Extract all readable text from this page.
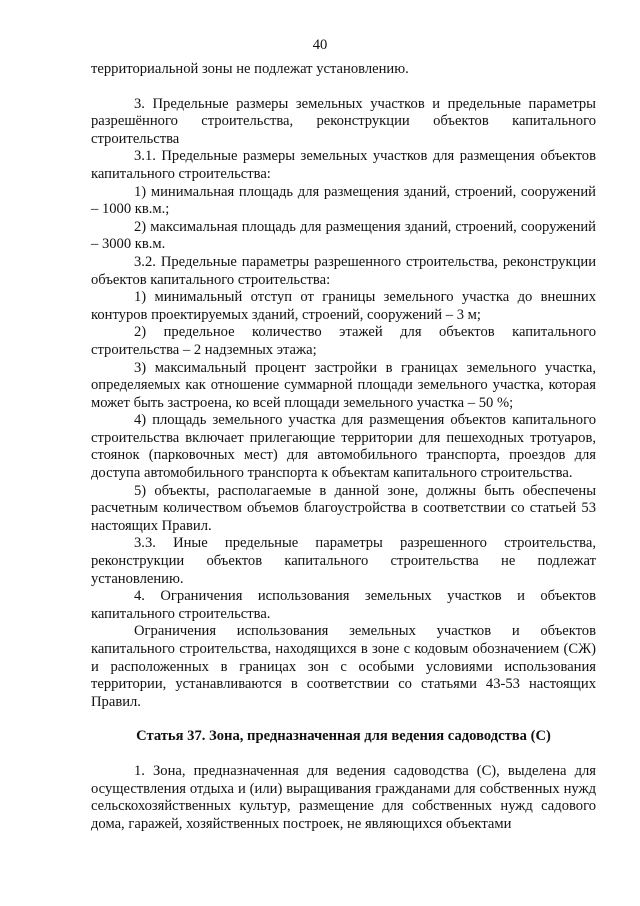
40

территориальной зоны не подлежат установлению.

3. Предельные размеры земельных участков и предельные параметры разрешённого строительства, реконструкции объектов капитального строительства

3.1. Предельные размеры земельных участков для размещения объектов капитального строительства:

1) минимальная площадь для размещения зданий, строений, сооружений – 1000 кв.м.;

2) максимальная площадь для размещения зданий, строений, сооружений – 3000 кв.м.

3.2. Предельные параметры разрешенного строительства, реконструкции объектов капитального строительства:

1) минимальный отступ от границы земельного участка до внешних контуров проектируемых зданий, строений, сооружений – 3 м;

2) предельное количество этажей для объектов капитального строительства – 2 надземных этажа;

3) максимальный процент застройки в границах земельного участка, определяемых как отношение суммарной площади земельного участка, которая может быть застроена, ко всей площади земельного участка – 50 %;

4) площадь земельного участка для размещения объектов капитального строительства включает прилегающие территории для пешеходных тротуаров, стоянок (парковочных мест) для автомобильного транспорта, проездов для доступа автомобильного транспорта к объектам капитального строительства.

5) объекты, располагаемые в данной зоне, должны быть обеспечены расчетным количеством объемов благоустройства в соответствии со статьей 53 настоящих Правил.

3.3. Иные предельные параметры разрешенного строительства, реконструкции объектов капитального строительства не подлежат установлению.

4. Ограничения использования земельных участков и объектов капитального строительства.

Ограничения использования земельных участков и объектов капитального строительства, находящихся в зоне с кодовым обозначением (СЖ) и расположенных в границах зон с особыми условиями использования территории, устанавливаются в соответствии со статьями 43-53 настоящих Правил.

Статья 37. Зона, предназначенная для ведения садоводства (С)

1. Зона, предназначенная для ведения садоводства (С), выделена для осуществления отдыха и (или) выращивания гражданами для собственных нужд сельскохозяйственных культур, размещение для собственных нужд садового дома, гаражей, хозяйственных построек, не являющихся объектами
